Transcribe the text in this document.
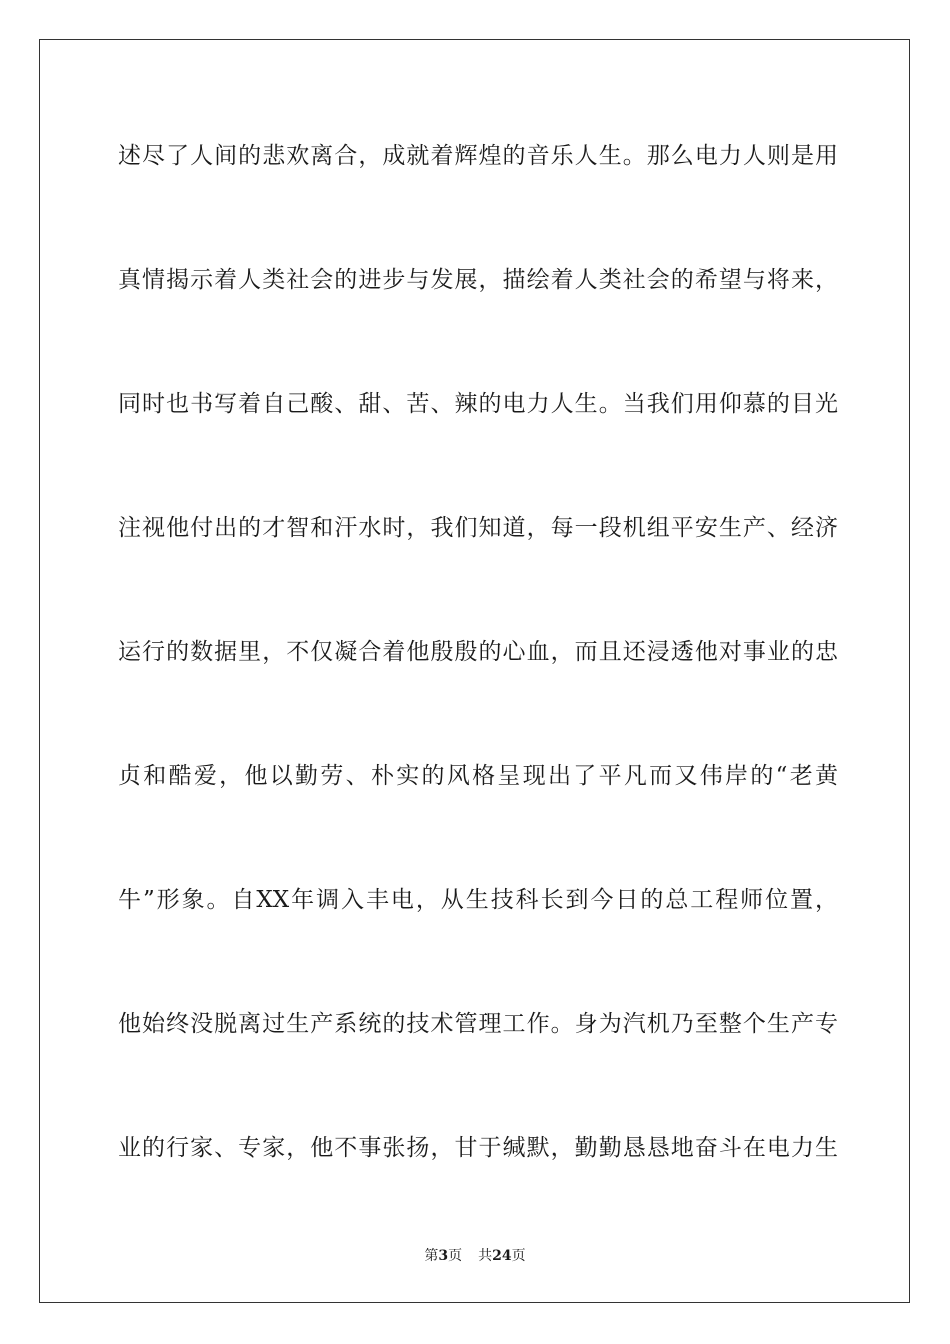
述尽了人间的悲欢离合，成就着辉煌的音乐人生。那么电力人则是用
真情揭示着人类社会的进步与发展，描绘着人类社会的希望与将来，
同时也书写着自己酸、甜、苦、辣的电力人生。当我们用仰慕的目光
注视他付出的才智和汗水时，我们知道，每一段机组平安生产、经济
运行的数据里，不仅凝合着他殷殷的心血，而且还浸透他对事业的忠
贞和酷爱，他以勤劳、朴实的风格呈现出了平凡而又伟岸的“老黄
牛”形象。自XX年调入丰电，从生技科长到今日的总工程师位置，
他始终没脱离过生产系统的技术管理工作。身为汽机乃至整个生产专
业的行家、专家，他不事张扬，甘于缄默，勤勤恳恳地奋斗在电力生
第3页 共24页
